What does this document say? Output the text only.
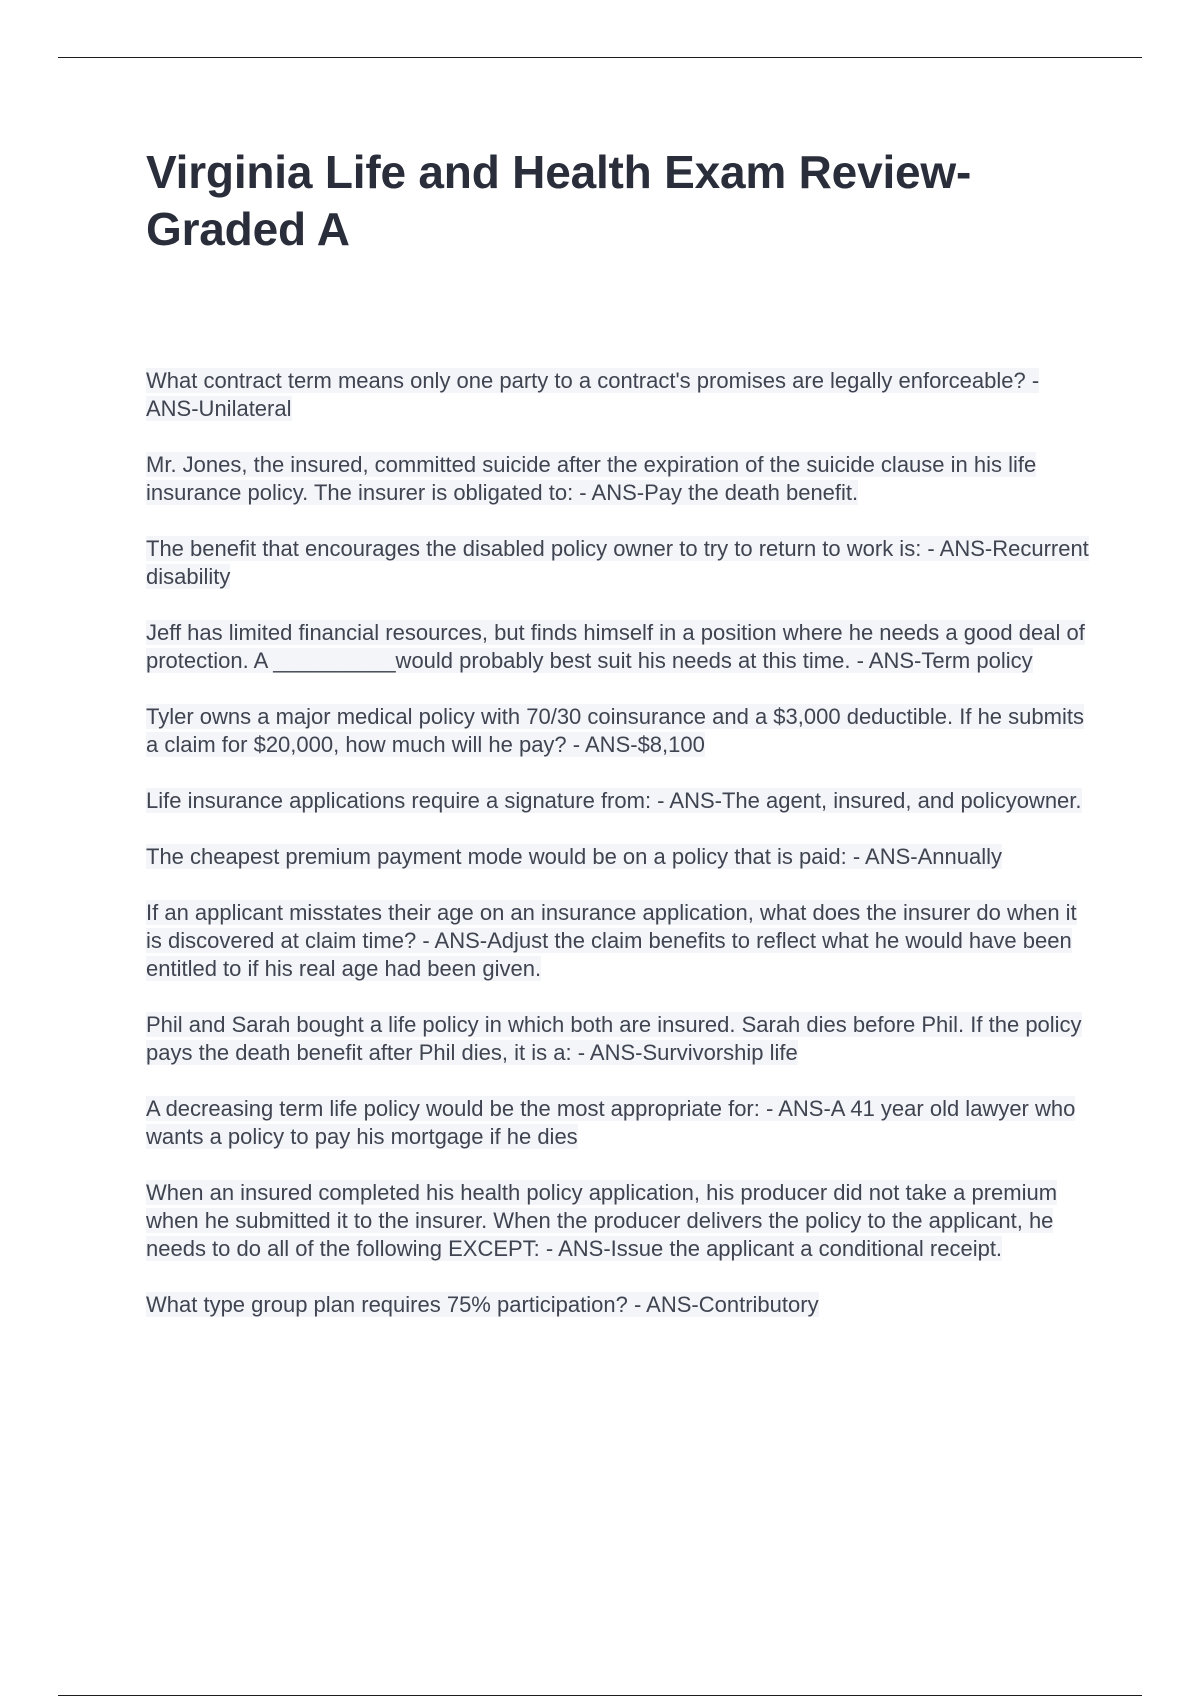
Virginia Life and Health Exam Review- Graded A
What contract term means only one party to a contract's promises are legally enforceable? - ANS-Unilateral
Mr. Jones, the insured, committed suicide after the expiration of the suicide clause in his life insurance policy. The insurer is obligated to: - ANS-Pay the death benefit.
The benefit that encourages the disabled policy owner to try to return to work is: - ANS-Recurrent disability
Jeff has limited financial resources, but finds himself in a position where he needs a good deal of protection. A __________would probably best suit his needs at this time. - ANS-Term policy
Tyler owns a major medical policy with 70/30 coinsurance and a $3,000 deductible. If he submits a claim for $20,000, how much will he pay? - ANS-$8,100
Life insurance applications require a signature from: - ANS-The agent, insured, and policyowner.
The cheapest premium payment mode would be on a policy that is paid: - ANS-Annually
If an applicant misstates their age on an insurance application, what does the insurer do when it is discovered at claim time? - ANS-Adjust the claim benefits to reflect what he would have been entitled to if his real age had been given.
Phil and Sarah bought a life policy in which both are insured. Sarah dies before Phil. If the policy pays the death benefit after Phil dies, it is a: - ANS-Survivorship life
A decreasing term life policy would be the most appropriate for: - ANS-A 41 year old lawyer who wants a policy to pay his mortgage if he dies
When an insured completed his health policy application, his producer did not take a premium when he submitted it to the insurer. When the producer delivers the policy to the applicant, he needs to do all of the following EXCEPT: - ANS-Issue the applicant a conditional receipt.
What type group plan requires 75% participation? - ANS-Contributory
